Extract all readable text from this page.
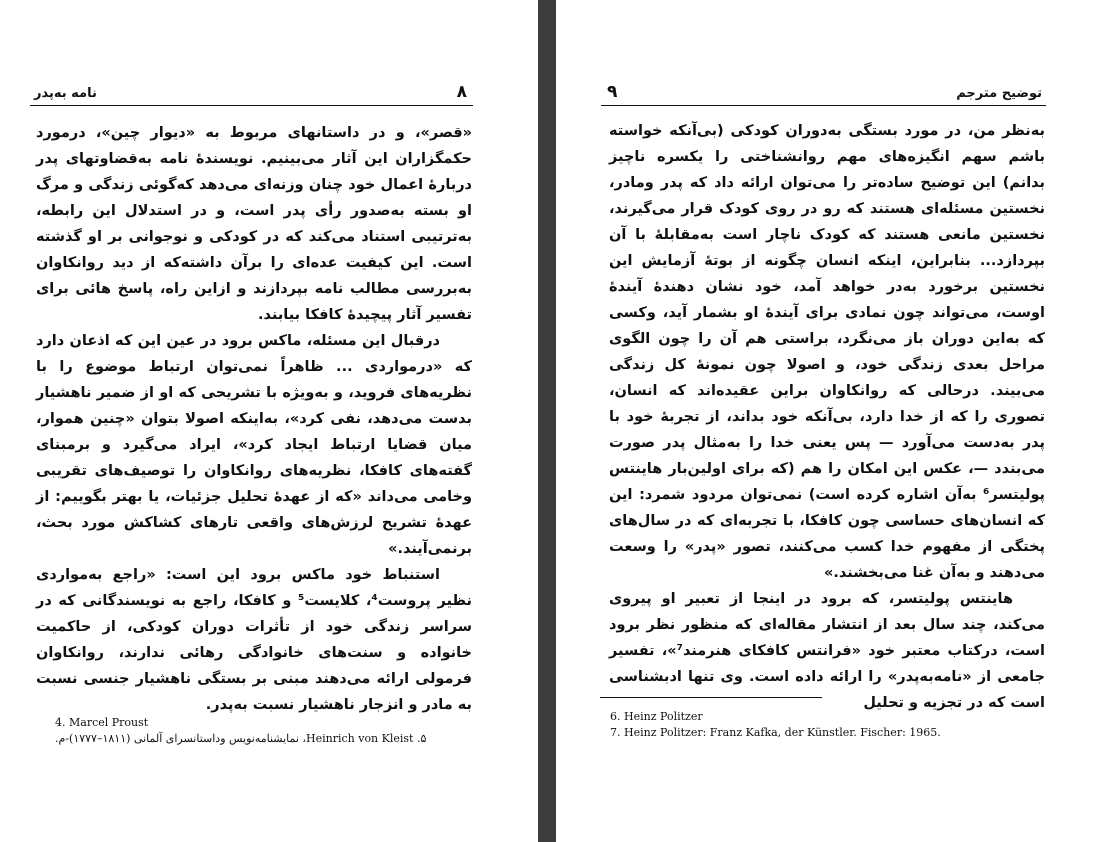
نامه به‌پدر	۸

«قصر»، و در داستانهای مربوط به «دیوار چین»، درمورد حکمگزاران این آثار می‌بینیم. نویسندهٔ نامه به‌قضاوتهای پدر دربارهٔ اعمال خود چنان وزنه‌ای می‌دهد که‌گوئی زندگی و مرگ او بسته به‌صدور رأی پدر است، و در استدلال این رابطه، به‌ترتیبی استناد می‌کند که در کودکی و نوجوانی بر او گذشته است. این کیفیت عده‌ای را برآن داشته‌که از دید روانکاوان به‌بررسی مطالب نامه بپردازند و ازاین راه، پاسخ هائی برای تفسیر آثار پیچیدهٔ کافکا بیابند.

درقبال این مسئله، ماکس برود در عین این که اذعان دارد که «درمواردی ... ظاهراً نمی‌توان ارتباط موضوع را با نظریه‌های فروید، و به‌ویژه با تشریحی که او از ضمیر ناهشیار بدست می‌دهد، نفی کرد»، به‌اینکه اصولا بتوان «چنین هموار، میان قضایا ارتباط ایجاد کرد»، ایراد می‌گیرد و برمبنای گفته‌های کافکا، نظریه‌های روانکاوان را توصیف‌های تقریبی وخامی می‌داند «که از عهدهٔ تحلیل جزئیات، یا بهتر بگوییم: از عهدهٔ تشریح لرزش‌های واقعی تارهای کشاکش مورد بحث، برنمی‌آیند.»

استنباط خود ماکس برود این است: «راجع به‌مواردی نظیر پروست⁴، کلایست⁵ و کافکا، راجع به نویسندگانی که در سراسر زندگی خود از تأثرات دوران کودکی، از حاکمیت خانواده و سنت‌های خانوادگی رهائی ندارند، روانکاوان فرمولی ارائه می‌دهند مبنی بر بستگی ناهشیار جنسی نسبت به مادر و انزجار ناهشیار نسبت به‌پدر.

4. Marcel Proust
۵. Heinrich von Kleist، نمایشنامه‌نویس وداستانسرای آلمانی (۱۸۱۱–۱۷۷۷)-م.
۹	توضیح مترجم

به‌نظر من، در مورد بستگی به‌دوران کودکی (بی‌آنکه خواسته باشم سهم انگیزه‌های مهم روانشناختی را یکسره ناچیز بدانم) این توضیح ساده‌تر را می‌توان ارائه داد که پدر ومادر، نخستین مسئله‌ای هستند که رو در روی کودک قرار می‌گیرند، نخستین مانعی هستند که کودک ناچار است به‌مقابلهٔ با آن بپردازد... بنابراین، اینکه انسان چگونه از بوتهٔ آزمایش این نخستین برخورد به‌در خواهد آمد، خود نشان دهندهٔ آیندهٔ اوست، می‌تواند چون نمادی برای آیندهٔ او بشمار آید، وکسی که به‌این دوران باز می‌نگرد، براستی هم آن را چون الگوی مراحل بعدی زندگی خود، و اصولا چون نمونهٔ کل زندگی می‌بیند. درحالی که روانکاوان براین عقیده‌اند که انسان، تصوری را که از خدا دارد، بی‌آنکه خود بداند، از تجربهٔ خود با پدر به‌دست می‌آورد — پس یعنی خدا را به‌مثال پدر صورت می‌بندد —، عکس این امکان را هم (که برای اولین‌بار هاینتس پولیتسر⁶ به‌آن اشاره کرده است) نمی‌توان مردود شمرد: این که انسان‌های حساسی چون کافکا، با تجربه‌ای که در سال‌های پختگی از مفهوم خدا کسب می‌کنند، تصور «پدر» را وسعت می‌دهند و به‌آن غنا می‌بخشند.»

هاینتس پولیتسر، که برود در اینجا از تعبیر او پیروی می‌کند، چند سال بعد از انتشار مقاله‌ای که منظور نظر برود است، درکتاب معتبر خود «فرانتس کافکای هنرمند⁷»، تفسیر جامعی از «نامه‌به‌پدر» را ارائه داده است. وی تنها ادبشناسی است که در تجزیه و تحلیل

6. Heinz Politzer
7. Heinz Politzer: Franz Kafka, der Künstler. Fischer: 1965.
